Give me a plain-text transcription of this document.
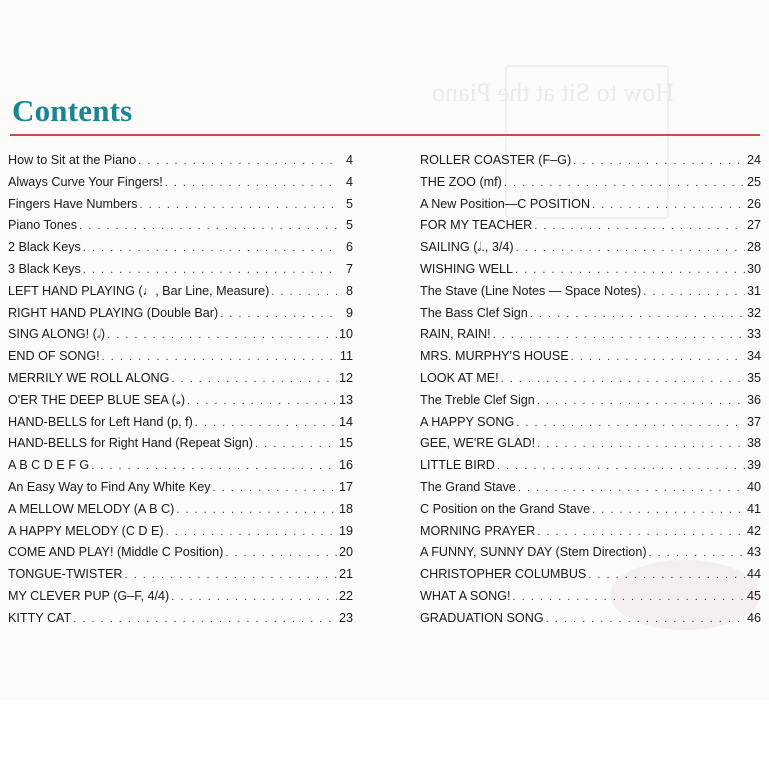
How to Sit at the Piano
Contents
How to Sit at the Piano . . .	4
Always Curve Your Fingers! . . .	4
Fingers Have Numbers . . .	5
Piano Tones . . .	5
2 Black Keys . . .	6
3 Black Keys . . .	7
LEFT HAND PLAYING (♩, Bar Line, Measure) . . .	8
RIGHT HAND PLAYING (Double Bar) . . .	9
SING ALONG! (𝅗𝅥) . . .	10
END OF SONG! . . .	11
MERRILY WE ROLL ALONG . . .	12
O'ER THE DEEP BLUE SEA (𝅝) . . .	13
HAND-BELLS for Left Hand (p, f) . . .	14
HAND-BELLS for Right Hand (Repeat Sign) . . .	15
A B C D E F G . . .	16
An Easy Way to Find Any White Key . . .	17
A MELLOW MELODY (A B C) . . .	18
A HAPPY MELODY (C D E) . . .	19
COME AND PLAY! (Middle C Position) . . .	20
TONGUE-TWISTER . . .	21
MY CLEVER PUP (G–F, 4/4) . . .	22
KITTY CAT . . .	23
ROLLER COASTER (F–G) . . .	24
THE ZOO (mf) . . .	25
A New Position—C POSITION . . .	26
FOR MY TEACHER . . .	27
SAILING (𝅗𝅥., 3/4) . . .	28
WISHING WELL . . .	30
The Stave (Line Notes — Space Notes) . . .	31
The Bass Clef Sign . . .	32
RAIN, RAIN! . . .	33
MRS. MURPHY'S HOUSE . . .	34
LOOK AT ME! . . .	35
The Treble Clef Sign . . .	36
A HAPPY SONG . . .	37
GEE, WE'RE GLAD! . . .	38
LITTLE BIRD . . .	39
The Grand Stave . . .	40
C Position on the Grand Stave . . .	41
MORNING PRAYER . . .	42
A FUNNY, SUNNY DAY (Stem Direction) . . .	43
CHRISTOPHER COLUMBUS . . .	44
WHAT A SONG! . . .	45
GRADUATION SONG . . .	46
